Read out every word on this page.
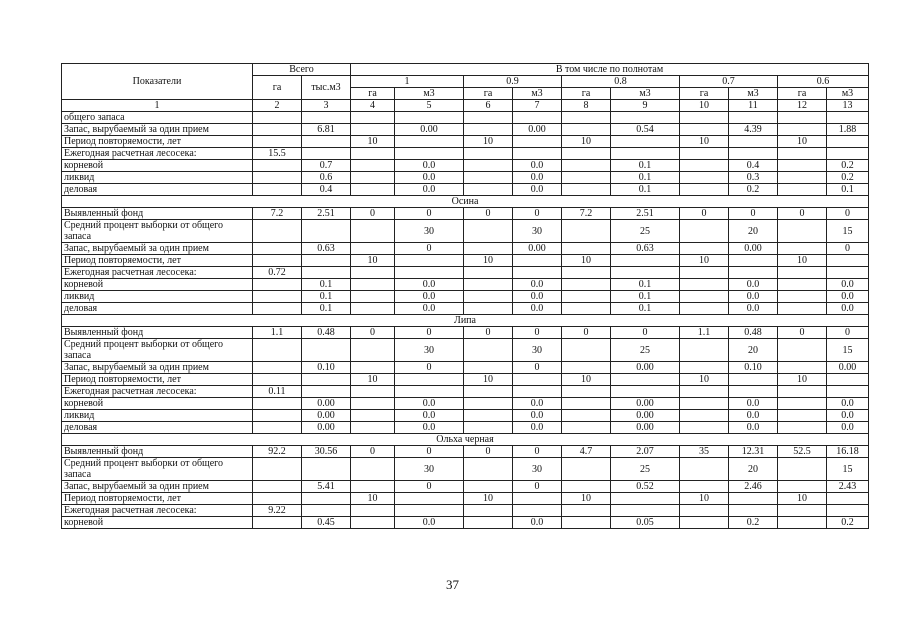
Показатели	Всего		В том числе по полнотам									
	га	тыс.м3	1		0.9		0.8		0.7		0.6	
			га	м3	га	м3	га	м3	га	м3	га	м3
1	2	3	4	5	6	7	8	9	10	11	12	13
общего запаса												
Запас, вырубаемый за один прием		6.81		0.00		0.00		0.54		4.39		1.88
Период повторяемости, лет			10		10		10		10		10	
Ежегодная расчетная лесосека:	15.5											
корневой		0.7		0.0		0.0		0.1		0.4		0.2
ликвид		0.6		0.0		0.0		0.1		0.3		0.2
деловая		0.4		0.0		0.0		0.1		0.2		0.1
Осина												
Выявленный фонд	7.2	2.51	0	0	0	0	7.2	2.51	0	0	0	0
Средний процент выборки от общего запаса				30		30		25		20		15
Запас, вырубаемый за один прием		0.63		0		0.00		0.63		0.00		0
Период повторяемости, лет			10		10		10		10		10	
Ежегодная расчетная лесосека:	0.72											
корневой		0.1		0.0		0.0		0.1		0.0		0.0
ликвид		0.1		0.0		0.0		0.1		0.0		0.0
деловая		0.1		0.0		0.0		0.1		0.0		0.0
Липа												
Выявленный фонд	1.1	0.48	0	0	0	0	0	0	1.1	0.48	0	0
Средний процент выборки от общего запаса				30		30		25		20		15
Запас, вырубаемый за один прием		0.10		0		0		0.00		0.10		0.00
Период повторяемости, лет			10		10		10		10		10	
Ежегодная расчетная лесосека:	0.11											
корневой		0.00		0.0		0.0		0.00		0.0		0.0
ликвид		0.00		0.0		0.0		0.00		0.0		0.0
деловая		0.00		0.0		0.0		0.00		0.0		0.0
Ольха черная												
Выявленный фонд	92.2	30.56	0	0	0	0	4.7	2.07	35	12.31	52.5	16.18
Средний процент выборки от общего запаса				30		30		25		20		15
Запас, вырубаемый за один прием		5.41		0		0		0.52		2.46		2.43
Период повторяемости, лет			10		10		10		10		10	
Ежегодная расчетная лесосека:	9.22											
корневой		0.45		0.0		0.0		0.05		0.2		0.2
37
